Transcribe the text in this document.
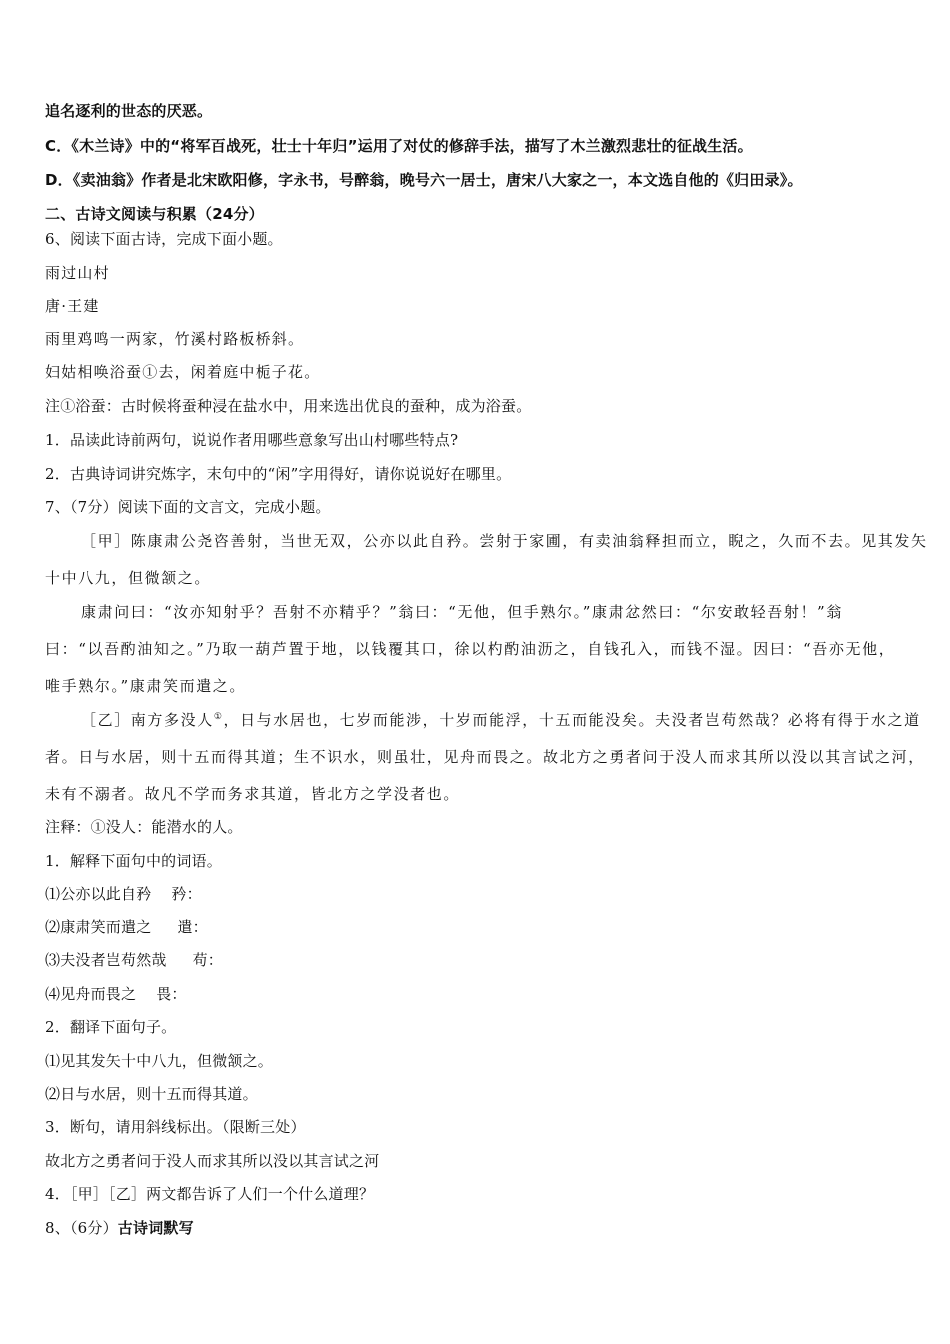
追名逐利的世态的厌恶。
C．《木兰诗》中的“将军百战死，壮士十年归”运用了对仗的修辞手法，描写了木兰激烈悲壮的征战生活。
D．《卖油翁》作者是北宋欧阳修，字永书，号醉翁，晚号六一居士，唐宋八大家之一，本文选自他的《归田录》。
二、古诗文阅读与积累（24分）
6、阅读下面古诗，完成下面小题。
雨过山村
唐·王建
雨里鸡鸣一两家，竹溪村路板桥斜。
妇姑相唤浴蚕①去，闲着庭中栀子花。
注①浴蚕：古时候将蚕种浸在盐水中，用来选出优良的蚕种，成为浴蚕。
1．品读此诗前两句，说说作者用哪些意象写出山村哪些特点?
2．古典诗词讲究炼字，末句中的“闲”字用得好，请你说说好在哪里。
7、（7分）阅读下面的文言文，完成小题。
［甲］陈康肃公尧咨善射，当世无双，公亦以此自矜。尝射于家圃，有卖油翁释担而立，睨之，久而不去。见其发矢
十中八九，但微颔之。
康肃问曰：“汝亦知射乎？吾射不亦精乎？”翁曰：“无他，但手熟尔。”康肃忿然曰：“尔安敢轻吾射！”翁
曰：“以吾酌油知之。”乃取一葫芦置于地，以钱覆其口，徐以杓酌油沥之，自钱孔入，而钱不湿。因曰：“吾亦无他，
唯手熟尔。”康肃笑而遣之。
［乙］南方多没人①，日与水居也，七岁而能涉，十岁而能浮，十五而能没矣。夫没者岂苟然哉？必将有得于水之道
者。日与水居，则十五而得其道；生不识水，则虽壮，见舟而畏之。故北方之勇者问于没人而求其所以没以其言试之河，
未有不溺者。故凡不学而务求其道，皆北方之学没者也。
注释：①没人：能潜水的人。
1．解释下面句中的词语。
⑴公亦以此自矜 矜：
⑵康肃笑而遣之 遣：
⑶夫没者岂苟然哉 苟：
⑷见舟而畏之 畏：
2．翻译下面句子。
⑴见其发矢十中八九，但微颔之。
⑵日与水居，则十五而得其道。
3．断句，请用斜线标出。（限断三处）
故北方之勇者问于没人而求其所以没以其言试之河
4．［甲］［乙］两文都告诉了人们一个什么道理？
8、（6分）古诗词默写
